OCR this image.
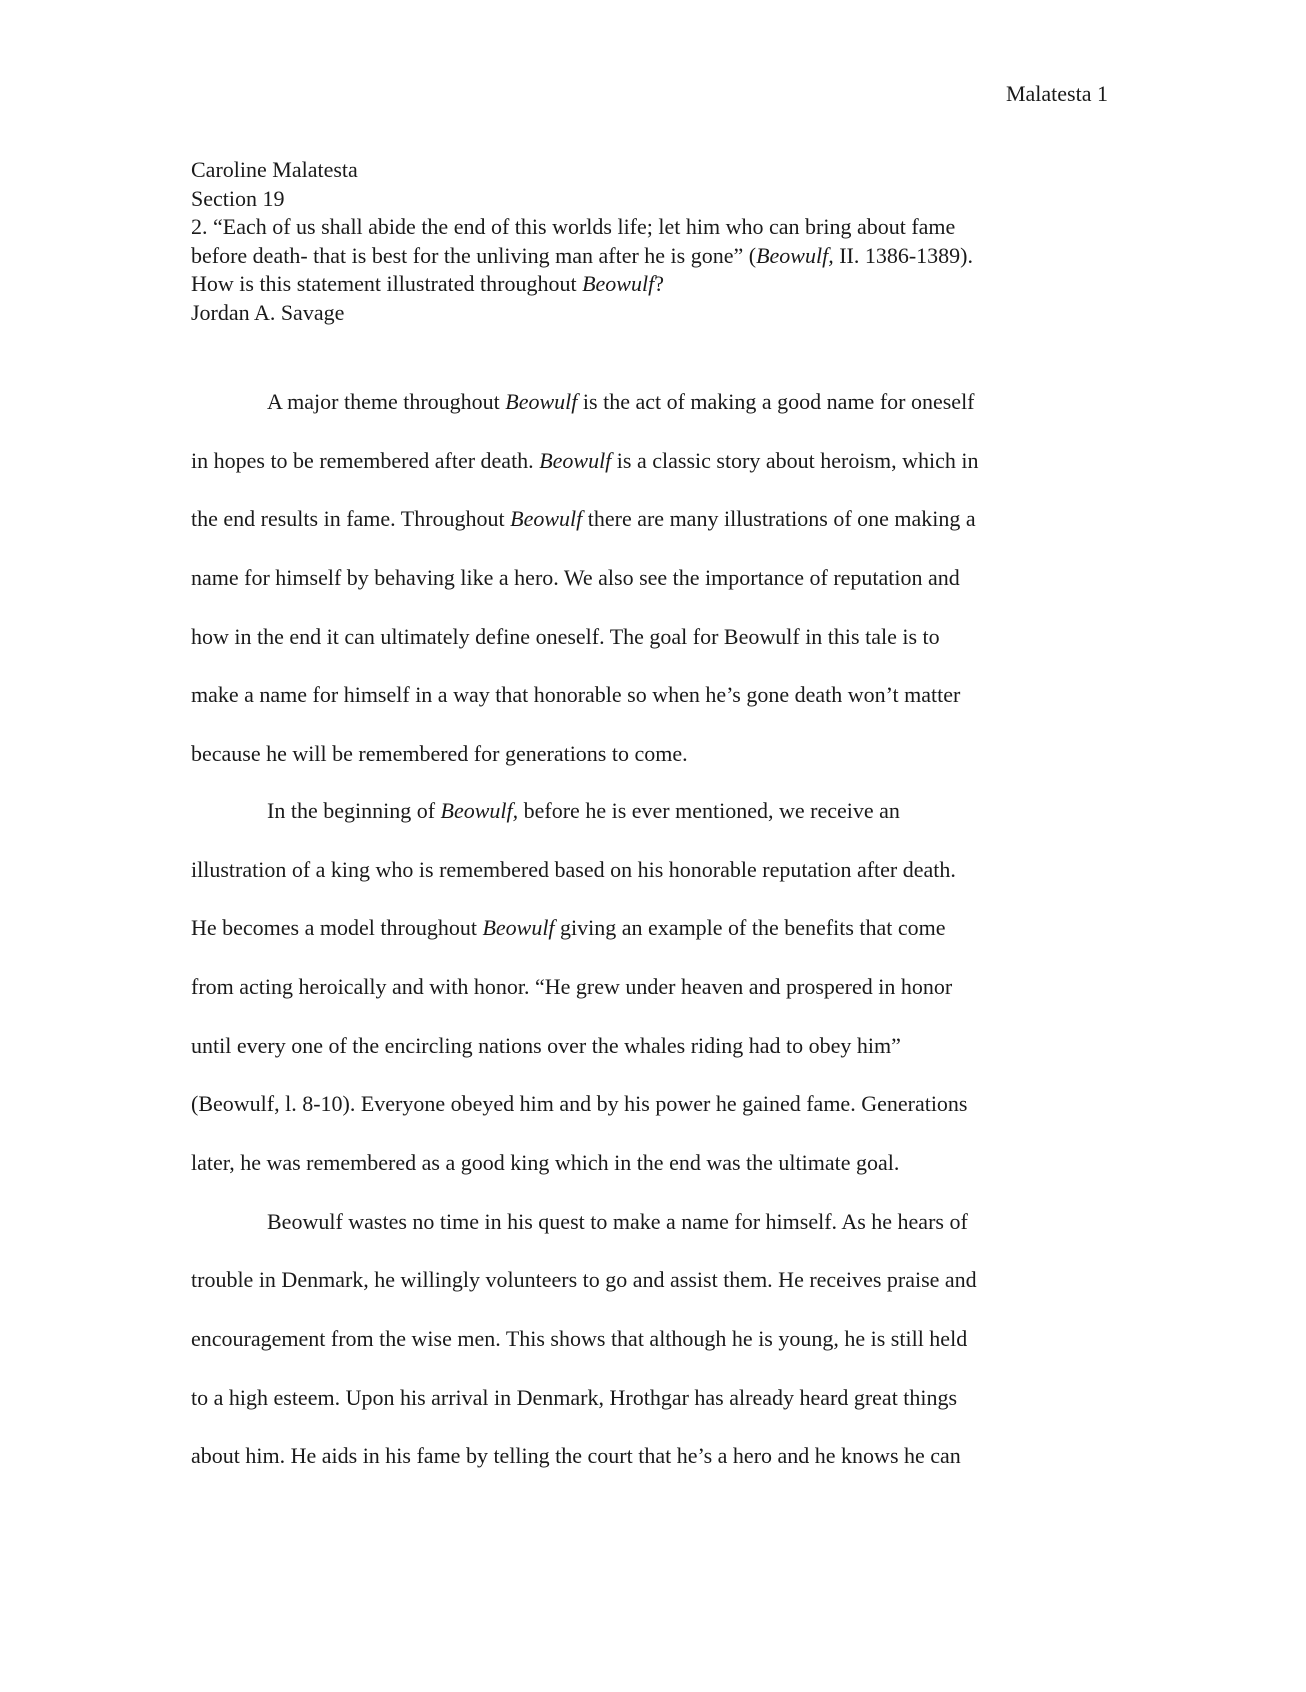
Malatesta 1
Caroline Malatesta
Section 19
2. “Each of us shall abide the end of this worlds life; let him who can bring about fame
before death- that is best for the unliving man after he is gone” (Beowulf, II. 1386-1389).
How is this statement illustrated throughout Beowulf?
Jordan A. Savage
A major theme throughout Beowulf is the act of making a good name for oneself
in hopes to be remembered after death. Beowulf is a classic story about heroism, which in
the end results in fame. Throughout Beowulf there are many illustrations of one making a
name for himself by behaving like a hero. We also see the importance of reputation and
how in the end it can ultimately define oneself. The goal for Beowulf in this tale is to
make a name for himself in a way that honorable so when he’s gone death won’t matter
because he will be remembered for generations to come.
In the beginning of Beowulf, before he is ever mentioned, we receive an
illustration of a king who is remembered based on his honorable reputation after death.
He becomes a model throughout Beowulf giving an example of the benefits that come
from acting heroically and with honor. “He grew under heaven and prospered in honor
until every one of the encircling nations over the whales riding had to obey him”
(Beowulf, l. 8-10). Everyone obeyed him and by his power he gained fame. Generations
later, he was remembered as a good king which in the end was the ultimate goal.
Beowulf wastes no time in his quest to make a name for himself. As he hears of
trouble in Denmark, he willingly volunteers to go and assist them. He receives praise and
encouragement from the wise men. This shows that although he is young, he is still held
to a high esteem. Upon his arrival in Denmark, Hrothgar has already heard great things
about him. He aids in his fame by telling the court that he’s a hero and he knows he can
